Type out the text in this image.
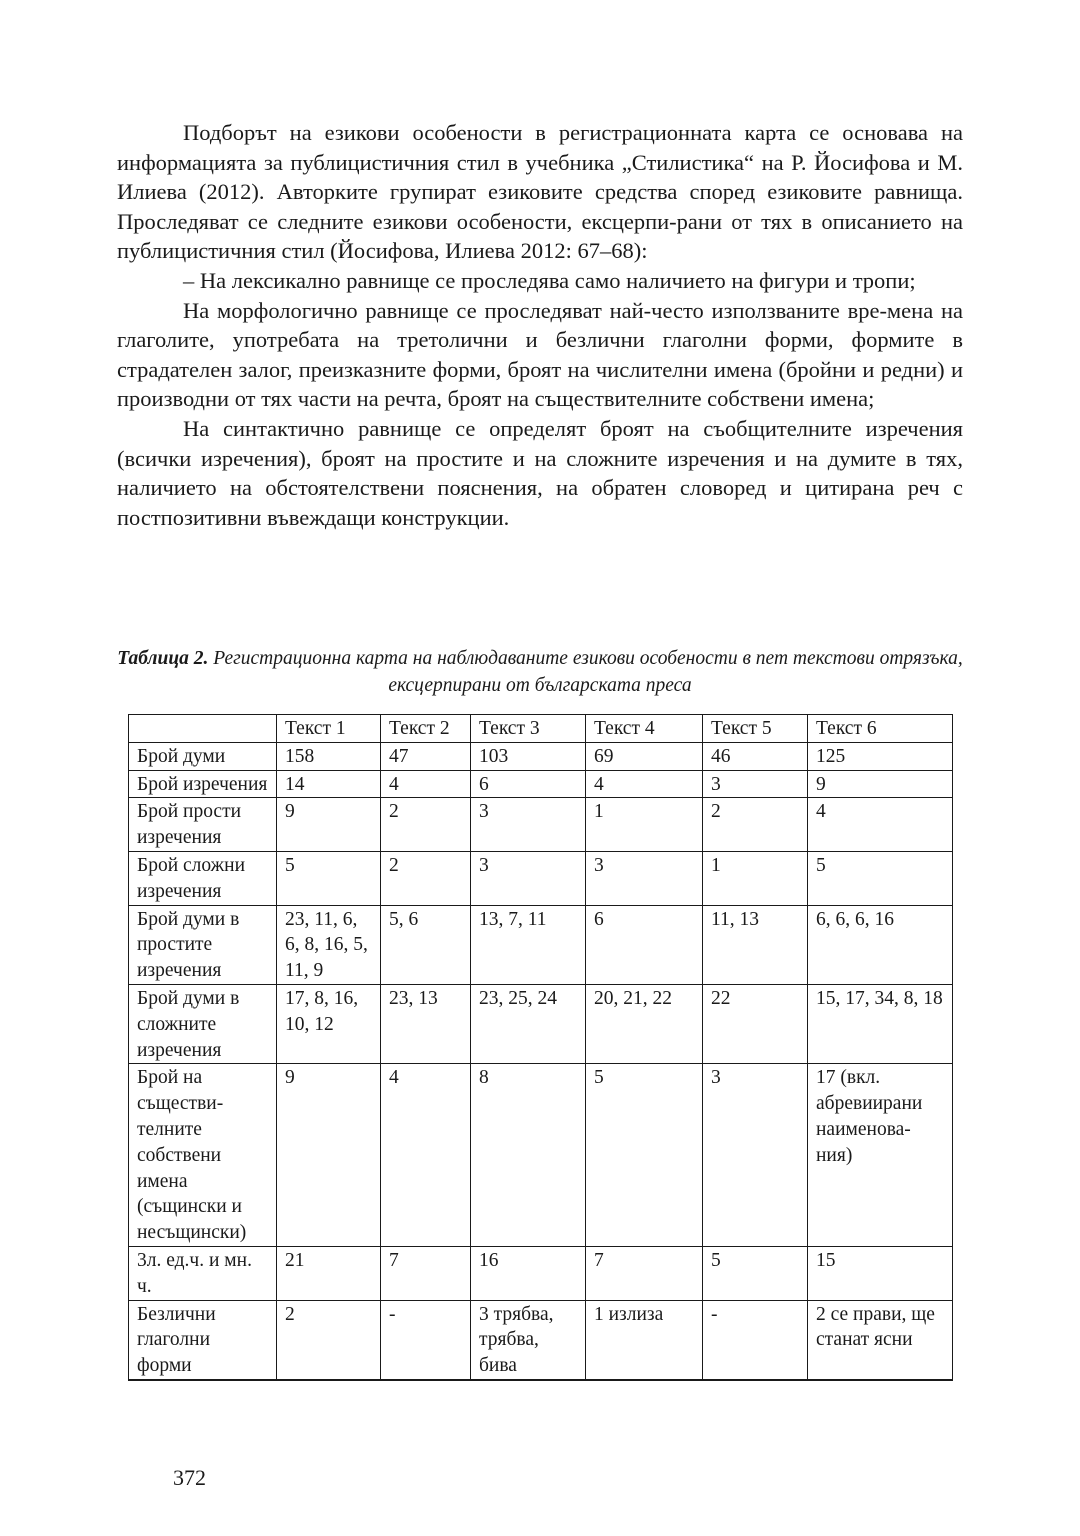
Подборът на езикови особености в регистрационната карта се основава на информацията за публицистичния стил в учебника „Стилистика“ на Р. Йосифова и М. Илиева (2012). Авторките групират езиковите средства според езиковите равнища. Проследяват се следните езикови особености, ексцерпи-рани от тях в описанието на публицистичния стил (Йосифова, Илиева 2012: 67–68):

– На лексикално равнище се проследява само наличието на фигури и тропи;

На морфологично равнище се проследяват най-често използваните вре-мена на глаголите, употребата на третолични и безлични глаголни форми, формите в страдателен залог, преизказните форми, броят на числителни имена (бройни и редни) и производни от тях части на речта, броят на съществителните собствени имена;

На синтактично равнище се определят броят на съобщителните изречения (всички изречения), броят на простите и на сложните изречения и на думите в тях, наличието на обстоятелствени пояснения, на обратен словоред и цитирана реч с постпозитивни въвеждащи конструкции.

Таблица 2. Регистрационна карта на наблюдаваните езикови особености в пет текстови отрязъка, ексцерпирани от българската преса
	Текст 1	Текст 2	Текст 3	Текст 4	Текст 5	Текст 6
Брой думи	158	47	103	69	46	125
Брой изречения	14	4	6	4	3	9
Брой прости изречения	9	2	3	1	2	4
Брой сложни изречения	5	2	3	3	1	5
Брой думи в простите изречения	23, 11, 6, 6, 8, 16, 5, 11, 9	5, 6	13, 7, 11	6	11, 13	6, 6, 6, 16
Брой думи в сложните изречения	17, 8, 16, 10, 12	23, 13	23, 25, 24	20, 21, 22	22	15, 17, 34, 8, 18
Брой на съществи-телните собствени имена (същински и несъщински)	9	4	8	5	3	17 (вкл. абревиирани наименова-ния)
3л. ед.ч. и мн. ч.	21	7	16	7	5	15
Безлични глаголни форми	2	-	3 трябва, трябва, бива	1 излиза	-	2 се прави, ще станат ясни
372
